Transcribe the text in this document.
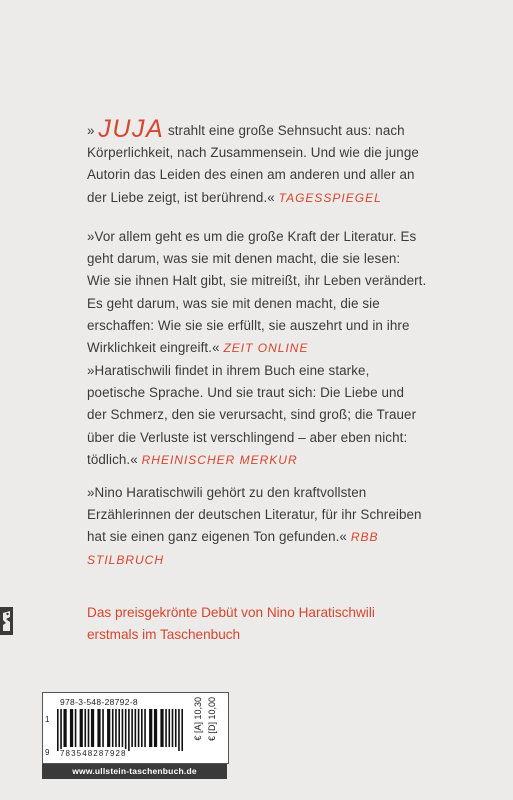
» JUJA strahlt eine große Sehnsucht aus: nach Körperlichkeit, nach Zusammensein. Und wie die junge Autorin das Leiden des einen am anderen und aller an der Liebe zeigt, ist berührend.« TAGESSPIEGEL

»Vor allem geht es um die große Kraft der Literatur. Es geht darum, was sie mit denen macht, die sie lesen: Wie sie ihnen Halt gibt, sie mitreißt, ihr Leben verändert. Es geht darum, was sie mit denen macht, die sie erschaffen: Wie sie sie erfüllt, sie auszehrt und in ihre Wirklichkeit eingreift.« ZEIT ONLINE

»Haratischwili findet in ihrem Buch eine starke, poetische Sprache. Und sie traut sich: Die Liebe und der Schmerz, den sie verursacht, sind groß; die Trauer über die Verluste ist verschlingend – aber eben nicht: tödlich.« RHEINISCHER MERKUR

»Nino Haratischwili gehört zu den kraftvollsten Erzählerinnen der deutschen Literatur, für ihr Schreiben hat sie einen ganz eigenen Ton gefunden.« RBB STILBRUCH

Das preisgekrönte Debüt von Nino Haratischwili
erstmals im Taschenbuch

978-3-548-28792-8
1
9 783548287928
€ [A] 10,30 € [D] 10,00
www.ullstein-taschenbuch.de
